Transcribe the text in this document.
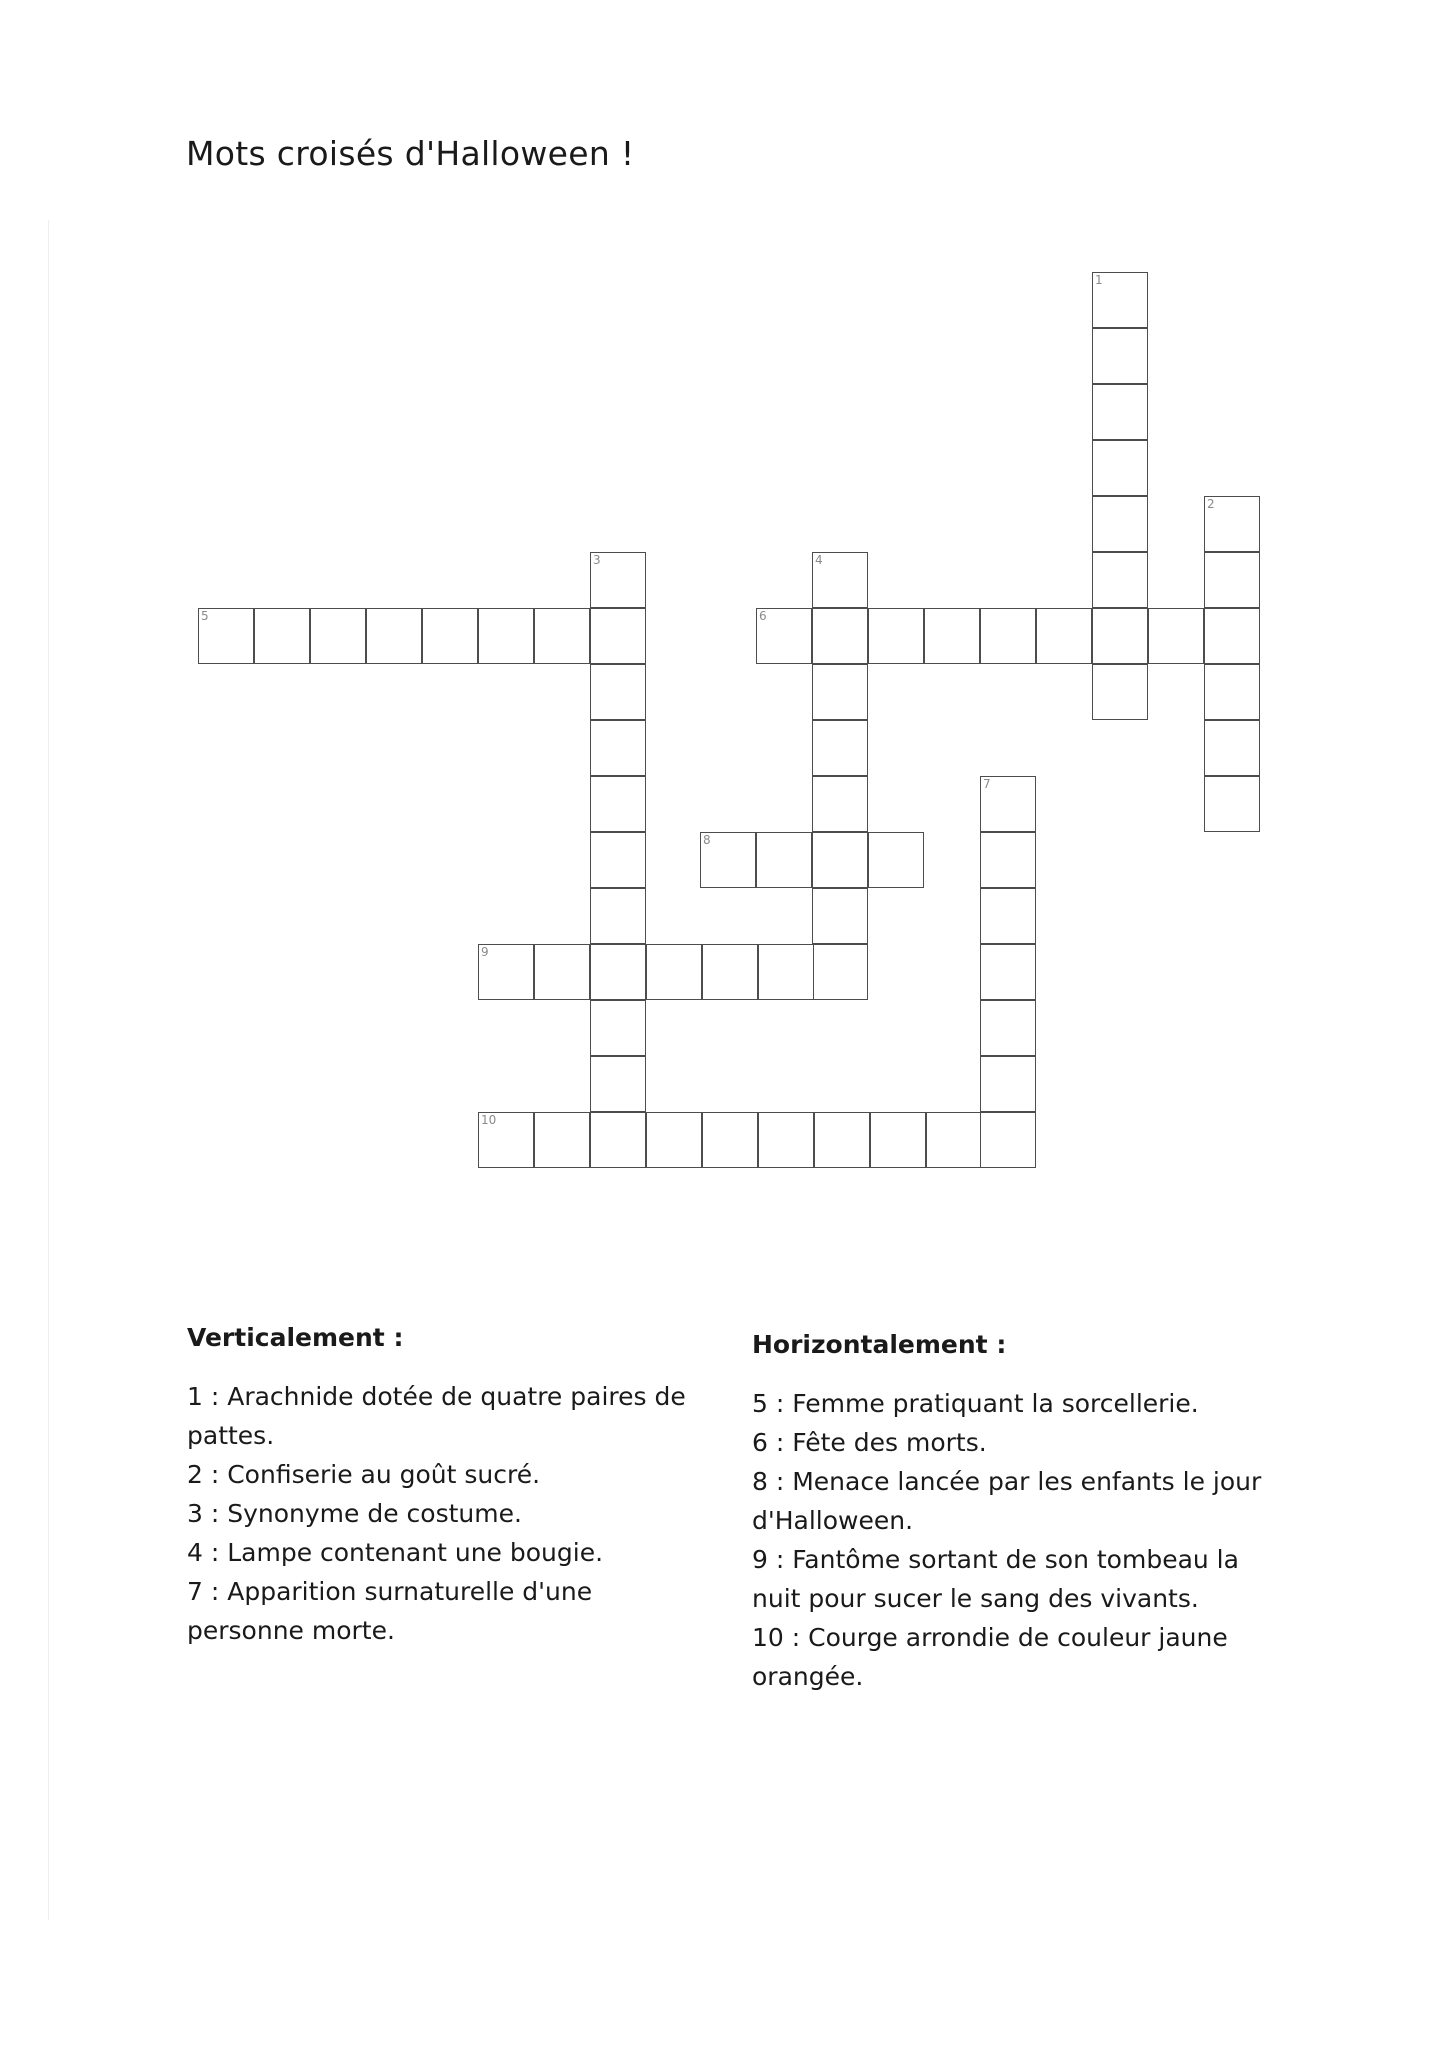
Mots croisés d'Halloween !
5
3
6
4
1
2
8
9
7
10
Verticalement :
1 : Arachnide dotée de quatre paires de pattes.
2 : Confiserie au goût sucré.
3 : Synonyme de costume.
4 : Lampe contenant une bougie.
7 : Apparition surnaturelle d'une personne morte.
Horizontalement :
5 : Femme pratiquant la sorcellerie.
6 : Fête des morts.
8 : Menace lancée par les enfants le jour d'Halloween.
9 : Fantôme sortant de son tombeau la nuit pour sucer le sang des vivants.
10 : Courge arrondie de couleur jaune orangée.
